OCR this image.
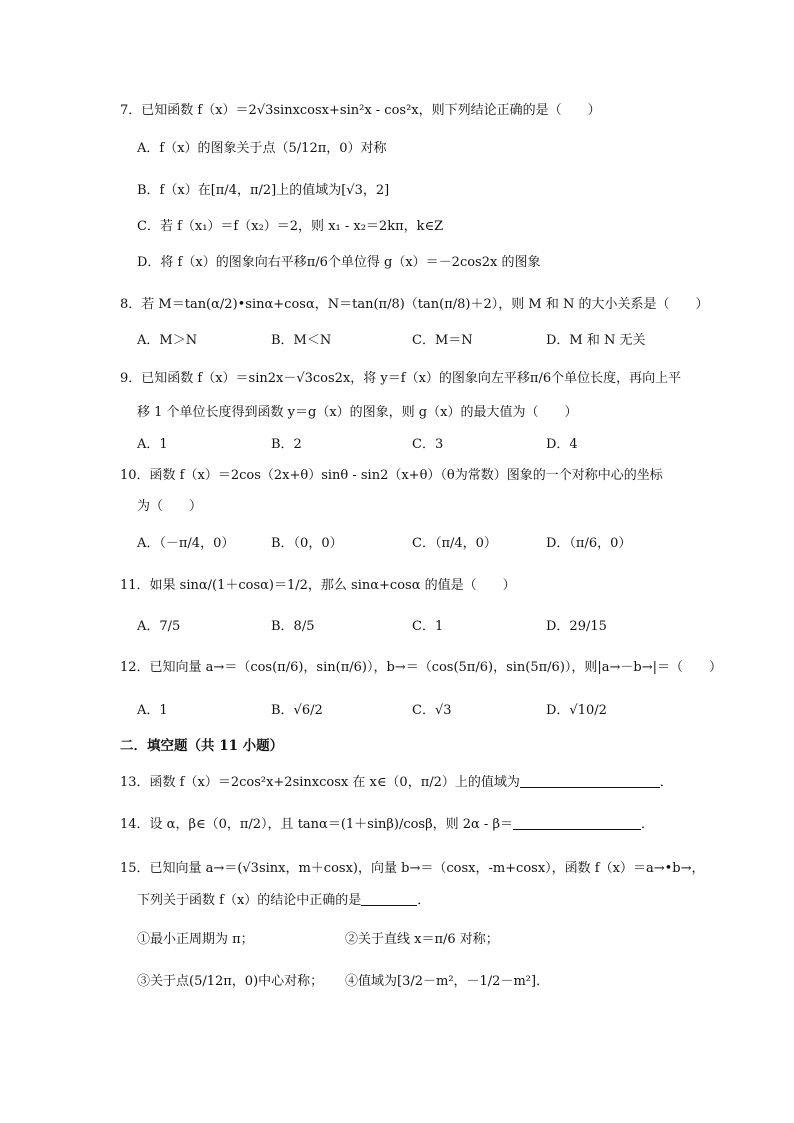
7．已知函数 f（x）＝2√3sinxcosx+sin²x - cos²x，则下列结论正确的是（　　）
A．f（x）的图象关于点（5/12π，0）对称
B．f（x）在[π/4，π/2]上的值域为[√3，2]
C．若 f（x₁）＝f（x₂）＝2，则 x₁ - x₂＝2kπ，k∈Z
D．将 f（x）的图象向右平移π/6个单位得 g（x）＝－2cos2x 的图象
8．若 M＝tan(α/2)•sinα+cosα，N＝tan(π/8)（tan(π/8)＋2），则 M 和 N 的大小关系是（　　）
A．M＞N	B．M＜N	C．M＝N	D．M 和 N 无关
9．已知函数 f（x）＝sin2x－√3cos2x，将 y＝f（x）的图象向左平移π/6个单位长度，再向上平
移 1 个单位长度得到函数 y＝g（x）的图象，则 g（x）的最大值为（　　）
A．1	B．2	C．3	D．4
10．函数 f（x）＝2cos（2x+θ）sinθ - sin2（x+θ）（θ为常数）图象的一个对称中心的坐标
为（　　）
A．（－π/4，0）	B．（0，0）	C．（π/4，0）	D．（π/6，0）
11．如果 sinα/(1＋cosα)＝1/2，那么 sinα+cosα 的值是（　　）
A．7/5	B．8/5	C．1	D．29/15
12．已知向量 a→＝（cos(π/6)，sin(π/6)），b→＝（cos(5π/6)，sin(5π/6)），则|a→－b→|＝（　　）
A．1	B．√6/2	C．√3	D．√10/2
二．填空题（共 11 小题）
13．函数 f（x）＝2cos²x+2sinxcosx 在 x∈（0，π/2）上的值域为	．
14．设 α，β∈（0，π/2），且 tanα＝(1＋sinβ)/cosβ，则 2α - β＝	．
15．已知向量 a→＝(√3sinx，m＋cosx)，向量 b→＝（cosx，-m+cosx），函数 f（x）＝a→•b→，
下列关于函数 f（x）的结论中正确的是	．
①最小正周期为 π；	②关于直线 x＝π/6 对称；
③关于点(5/12π，0)中心对称； ④值域为[3/2－m²，－1/2－m²]．
